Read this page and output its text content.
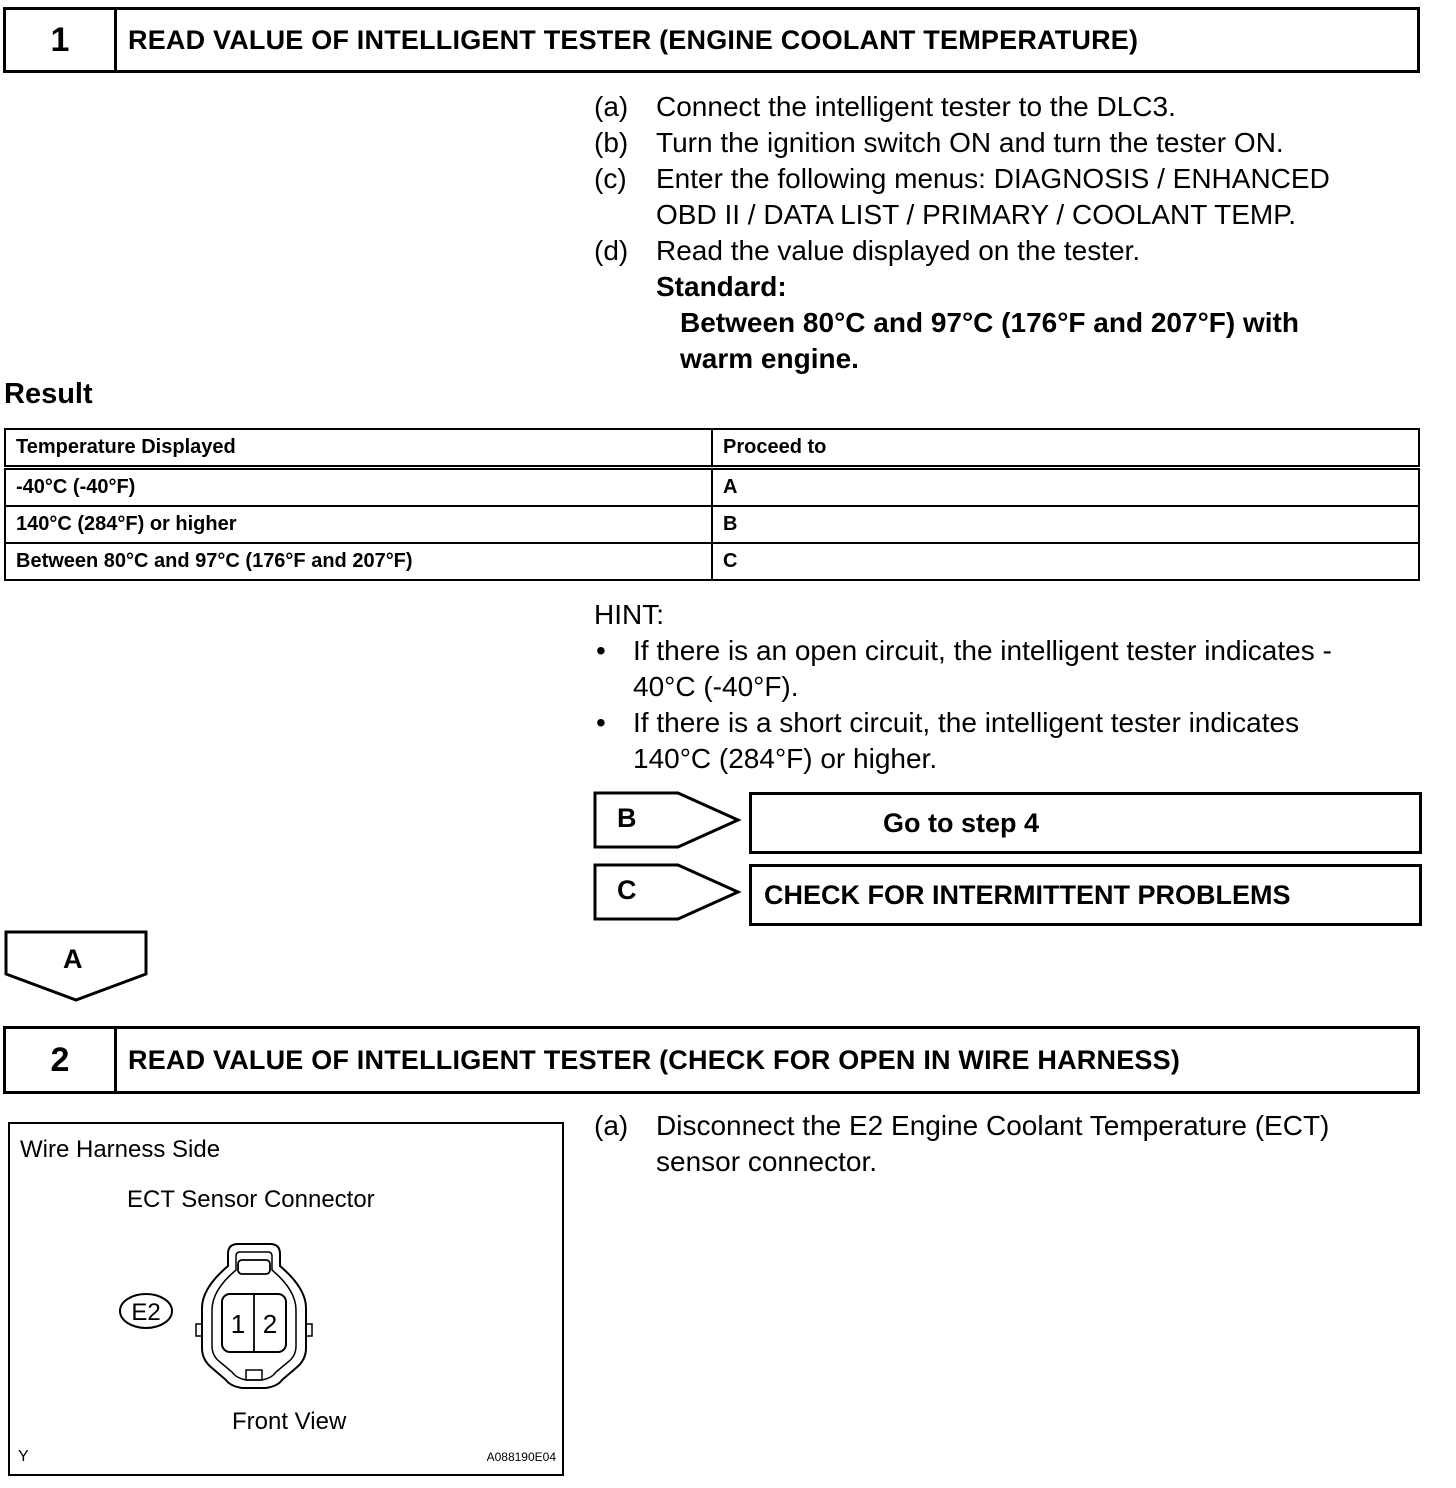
1	READ VALUE OF INTELLIGENT TESTER (ENGINE COOLANT TEMPERATURE)
(a) Connect the intelligent tester to the DLC3.
(b) Turn the ignition switch ON and turn the tester ON.
(c) Enter the following menus: DIAGNOSIS / ENHANCED
OBD II / DATA LIST / PRIMARY / COOLANT TEMP.
(d) Read the value displayed on the tester.
Standard:
Between 80°C and 97°C (176°F and 207°F) with
warm engine.
Result
Temperature Displayed	Proceed to
-40°C (-40°F)	A
140°C (284°F) or higher	B
Between 80°C and 97°C (176°F and 207°F)	C
HINT:
• If there is an open circuit, the intelligent tester indicates -
40°C (-40°F).
• If there is a short circuit, the intelligent tester indicates
140°C (284°F) or higher.
B	Go to step 4
C	CHECK FOR INTERMITTENT PROBLEMS
A
2	READ VALUE OF INTELLIGENT TESTER (CHECK FOR OPEN IN WIRE HARNESS)
(a) Disconnect the E2 Engine Coolant Temperature (ECT)
sensor connector.
Wire Harness Side
ECT Sensor Connector
E2	1 2
Front View
Y	A088190E04
